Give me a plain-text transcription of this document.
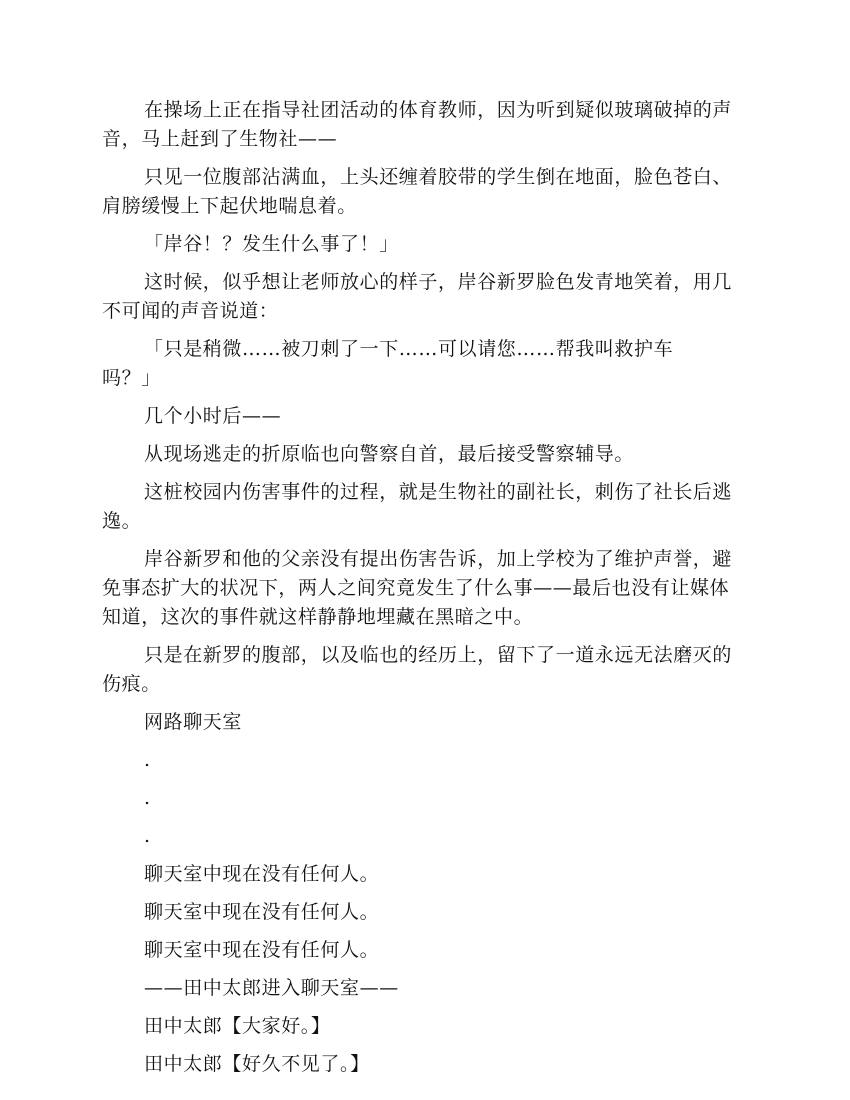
在操场上正在指导社团活动的体育教师，因为听到疑似玻璃破掉的声音，马上赶到了生物社——

只见一位腹部沾满血，上头还缠着胶带的学生倒在地面，脸色苍白、肩膀缓慢上下起伏地喘息着。

「岸谷！？发生什么事了！」

这时候，似乎想让老师放心的样子，岸谷新罗脸色发青地笑着，用几不可闻的声音说道：

「只是稍微……被刀刺了一下……可以请您……帮我叫救护车吗？」

几个小时后——

从现场逃走的折原临也向警察自首，最后接受警察辅导。

这桩校园内伤害事件的过程，就是生物社的副社长，刺伤了社长后逃逸。

岸谷新罗和他的父亲没有提出伤害告诉，加上学校为了维护声誉，避免事态扩大的状况下，两人之间究竟发生了什么事——最后也没有让媒体知道，这次的事件就这样静静地埋藏在黑暗之中。

只是在新罗的腹部，以及临也的经历上，留下了一道永远无法磨灭的伤痕。

网路聊天室

.

.

.

聊天室中现在没有任何人。

聊天室中现在没有任何人。

聊天室中现在没有任何人。

——田中太郎进入聊天室——

田中太郎【大家好。】

田中太郎【好久不见了。】
